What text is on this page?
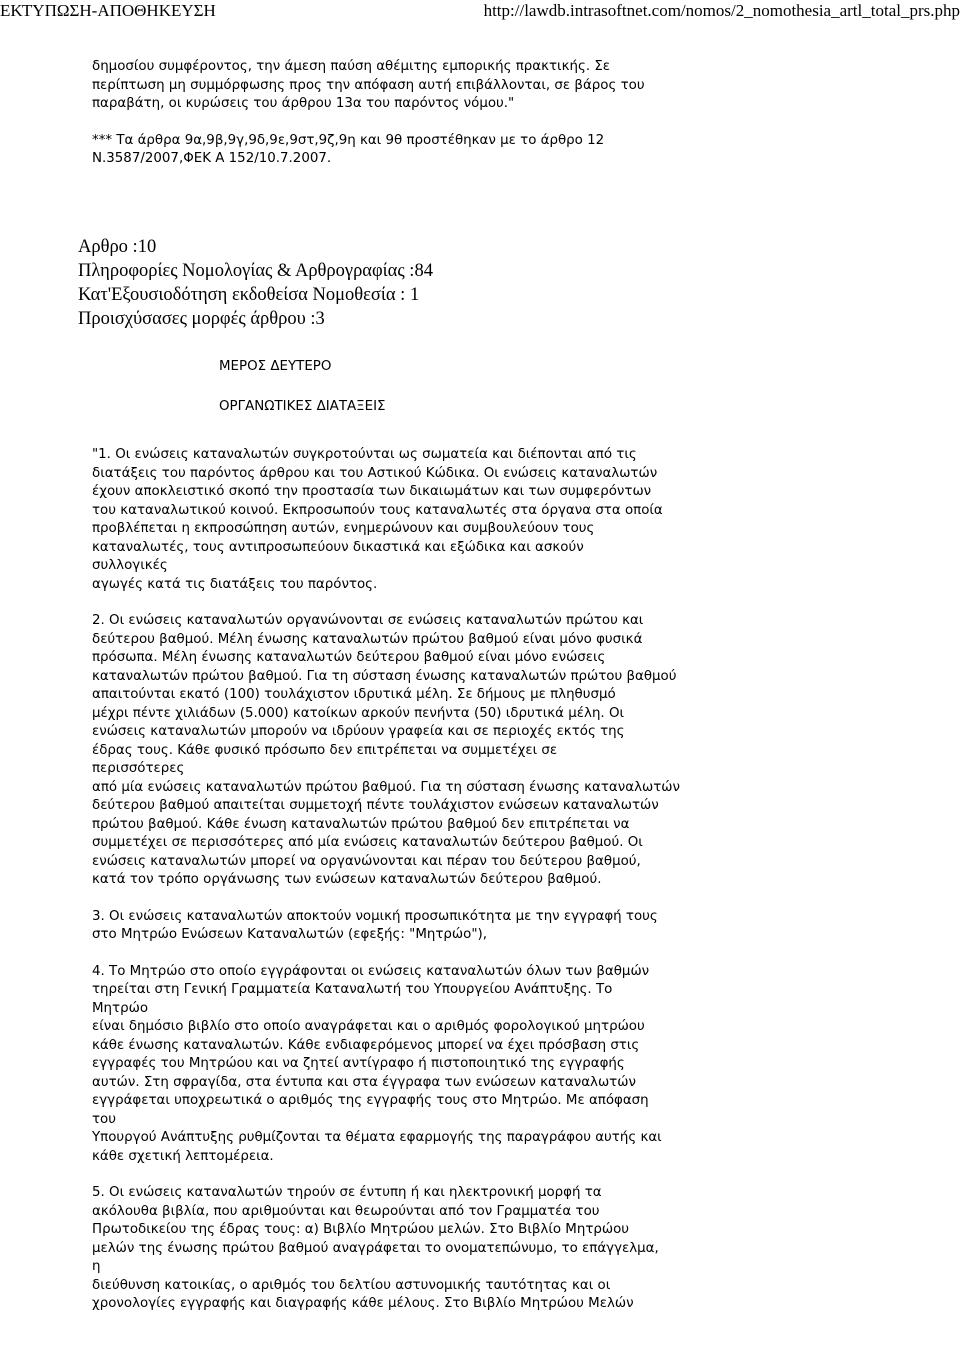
ΕΚΤΥΠΩΣΗ-ΑΠΟΘΗΚΕΥΣΗ	http://lawdb.intrasoftnet.com/nomos/2_nomothesia_artl_total_prs.php

δημοσίου συμφέροντος, την άμεση παύση αθέμιτης εμπορικής πρακτικής. Σε
περίπτωση μη συμμόρφωσης προς την απόφαση αυτή επιβάλλονται, σε βάρος του
παραβάτη, οι κυρώσεις του άρθρου 13α του παρόντος νόμου."

*** Τα άρθρα 9α,9β,9γ,9δ,9ε,9στ,9ζ,9η και 9θ προστέθηκαν με το άρθρο 12
Ν.3587/2007,ΦΕΚ Α 152/10.7.2007.

Αρθρο :10
Πληροφορίες Νομολογίας & Αρθρογραφίας :84
Κατ'Εξουσιοδότηση εκδοθείσα Νομοθεσία : 1
Προισχύσασες μορφές άρθρου :3
ΜΕΡΟΣ ΔΕΥΤΕΡΟ
ΟΡΓΑΝΩΤΙΚΕΣ ΔΙΑΤΑΞΕΙΣ

"1. Οι ενώσεις καταναλωτών συγκροτούνται ως σωματεία και διέπονται από τις
διατάξεις του παρόντος άρθρου και του Αστικού Κώδικα. Οι ενώσεις καταναλωτών
έχουν αποκλειστικό σκοπό την προστασία των δικαιωμάτων και των συμφερόντων
του καταναλωτικού κοινού. Εκπροσωπούν τους καταναλωτές στα όργανα στα οποία
προβλέπεται η εκπροσώπηση αυτών, ενημερώνουν και συμβουλεύουν τους
καταναλωτές, τους αντιπροσωπεύουν δικαστικά και εξώδικα και ασκούν
συλλογικές
αγωγές κατά τις διατάξεις του παρόντος.

2. Οι ενώσεις καταναλωτών οργανώνονται σε ενώσεις καταναλωτών πρώτου και
δεύτερου βαθμού. Μέλη ένωσης καταναλωτών πρώτου βαθμού είναι μόνο φυσικά
πρόσωπα. Μέλη ένωσης καταναλωτών δεύτερου βαθμού είναι μόνο ενώσεις
καταναλωτών πρώτου βαθμού. Για τη σύσταση ένωσης καταναλωτών πρώτου βαθμού
απαιτούνται εκατό (100) τουλάχιστον ιδρυτικά μέλη. Σε δήμους με πληθυσμό
μέχρι πέντε χιλιάδων (5.000) κατοίκων αρκούν πενήντα (50) ιδρυτικά μέλη. Οι
ενώσεις καταναλωτών μπορούν να ιδρύουν γραφεία και σε περιοχές εκτός της
έδρας τους. Κάθε φυσικό πρόσωπο δεν επιτρέπεται να συμμετέχει σε
περισσότερες
από μία ενώσεις καταναλωτών πρώτου βαθμού. Για τη σύσταση ένωσης καταναλωτών
δεύτερου βαθμού απαιτείται συμμετοχή πέντε τουλάχιστον ενώσεων καταναλωτών
πρώτου βαθμού. Κάθε ένωση καταναλωτών πρώτου βαθμού δεν επιτρέπεται να
συμμετέχει σε περισσότερες από μία ενώσεις καταναλωτών δεύτερου βαθμού. Οι
ενώσεις καταναλωτών μπορεί να οργανώνονται και πέραν του δεύτερου βαθμού,
κατά τον τρόπο οργάνωσης των ενώσεων καταναλωτών δεύτερου βαθμού.

3. Οι ενώσεις καταναλωτών αποκτούν νομική προσωπικότητα με την εγγραφή τους
στο Μητρώο Ενώσεων Καταναλωτών (εφεξής: "Μητρώο"),

4. Το Μητρώο στο οποίο εγγράφονται οι ενώσεις καταναλωτών όλων των βαθμών
τηρείται στη Γενική Γραμματεία Καταναλωτή του Υπουργείου Ανάπτυξης. Το
Μητρώο
είναι δημόσιο βιβλίο στο οποίο αναγράφεται και ο αριθμός φορολογικού μητρώου
κάθε ένωσης καταναλωτών. Κάθε ενδιαφερόμενος μπορεί να έχει πρόσβαση στις
εγγραφές του Μητρώου και να ζητεί αντίγραφο ή πιστοποιητικό της εγγραφής
αυτών. Στη σφραγίδα, στα έντυπα και στα έγγραφα των ενώσεων καταναλωτών
εγγράφεται υποχρεωτικά ο αριθμός της εγγραφής τους στο Μητρώο. Με απόφαση
του
Υπουργού Ανάπτυξης ρυθμίζονται τα θέματα εφαρμογής της παραγράφου αυτής και
κάθε σχετική λεπτομέρεια.

5. Οι ενώσεις καταναλωτών τηρούν σε έντυπη ή και ηλεκτρονική μορφή τα
ακόλουθα βιβλία, που αριθμούνται και θεωρούνται από τον Γραμματέα του
Πρωτοδικείου της έδρας τους: α) Βιβλίο Μητρώου μελών. Στο Βιβλίο Μητρώου
μελών της ένωσης πρώτου βαθμού αναγράφεται το ονοματεπώνυμο, το επάγγελμα,
η
διεύθυνση κατοικίας, ο αριθμός του δελτίου αστυνομικής ταυτότητας και οι
χρονολογίες εγγραφής και διαγραφής κάθε μέλους. Στο Βιβλίο Μητρώου Μελών
